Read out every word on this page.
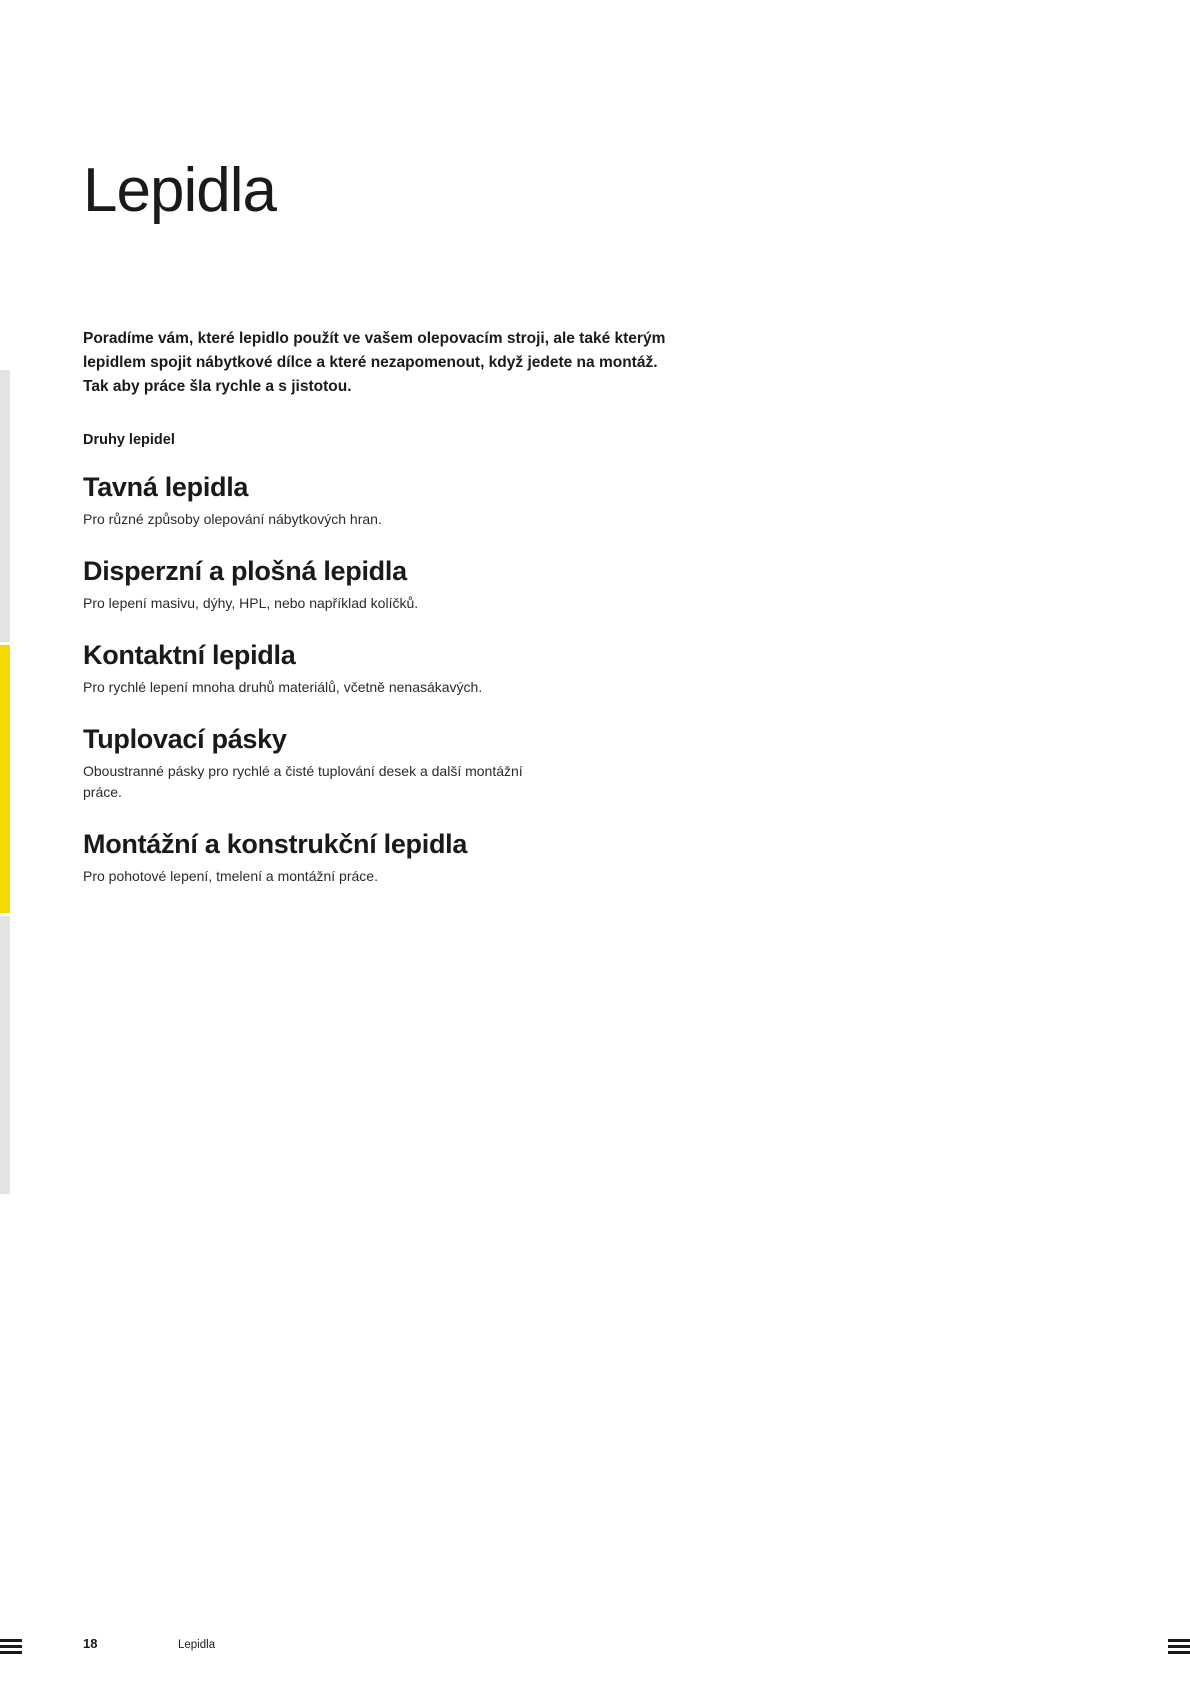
Lepidla

Poradíme vám, které lepidlo použít ve vašem olepovacím stroji, ale také kterým lepidlem spojit nábytkové dílce a které nezapomenout, když jedete na montáž. Tak aby práce šla rychle a s jistotou.

Druhy lepidel
Tavná lepidla

Pro různé způsoby olepování nábytkových hran.

Disperzní a plošná lepidla

Pro lepení masivu, dýhy, HPL, nebo například kolíčků.

Kontaktní lepidla

Pro rychlé lepení mnoha druhů materiálů, včetně nenasákavých.

Tuplovací pásky

Oboustranné pásky pro rychlé a čisté tuplování desek a další montážní práce.

Montážní a konstrukční lepidla

Pro pohotové lepení, tmelení a montážní práce.

18	Lepidla
